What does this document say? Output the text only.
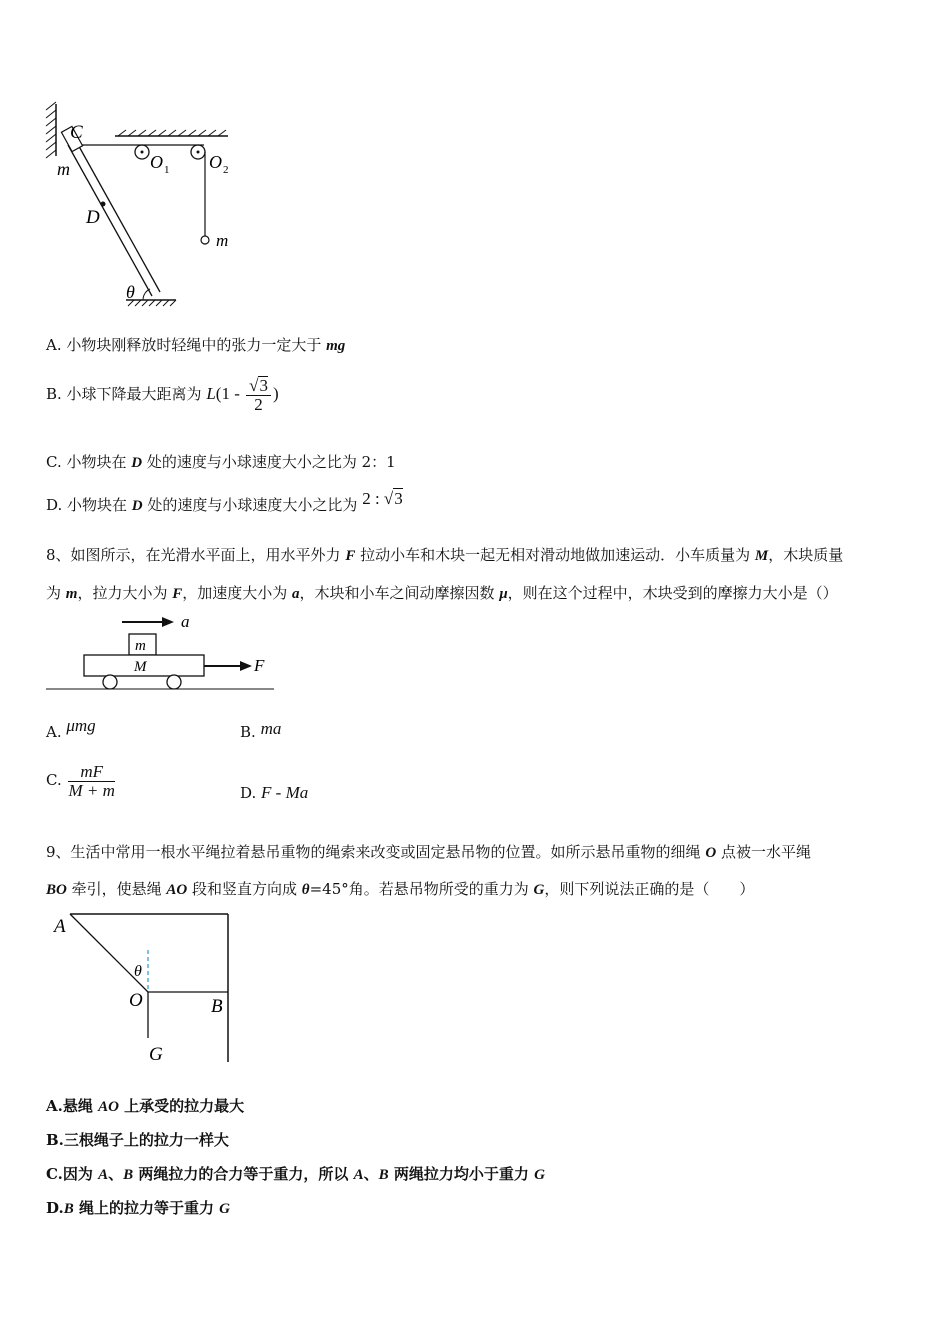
C
m
D
θ
O 1 O 2
m
A. 小物块刚释放时轻绳中的张力一定大于 mg
B. 小球下降最大距离为 $L(1 - \frac{√3}{2}$ )
C. 小物块在 D 处的速度与小球速度大小之比为 2：1
D. 小物块在 D 处的速度与小球速度大小之比为 2 : √3
8、如图所示，在光滑水平面上，用水平外力 F 拉动小车和木块一起无相对滑动地做加速运动．小车质量为 M，木块质量
为 m，拉力大小为 F，加速度大小为 a，木块和小车之间动摩擦因数 μ，则在这个过程中，木块受到的摩擦力大小是（）
a
m
M	F
A. μmg	B. ma
C. $\frac{mF}{M + m}$	D. F - Ma
9、生活中常用一根水平绳拉着悬吊重物的绳索来改变或固定悬吊物的位置。如所示悬吊重物的细绳 O 点被一水平绳
BO 牵引，使悬绳 AO 段和竖直方向成 θ=45°角。若悬吊物所受的重力为 G，则下列说法正确的是（　　）
A
θ
O	B
G
A.悬绳 AO 上承受的拉力最大
B.三根绳子上的拉力一样大
C.因为 A、B 两绳拉力的合力等于重力，所以 A、B 两绳拉力均小于重力 G
D.B 绳上的拉力等于重力 G
